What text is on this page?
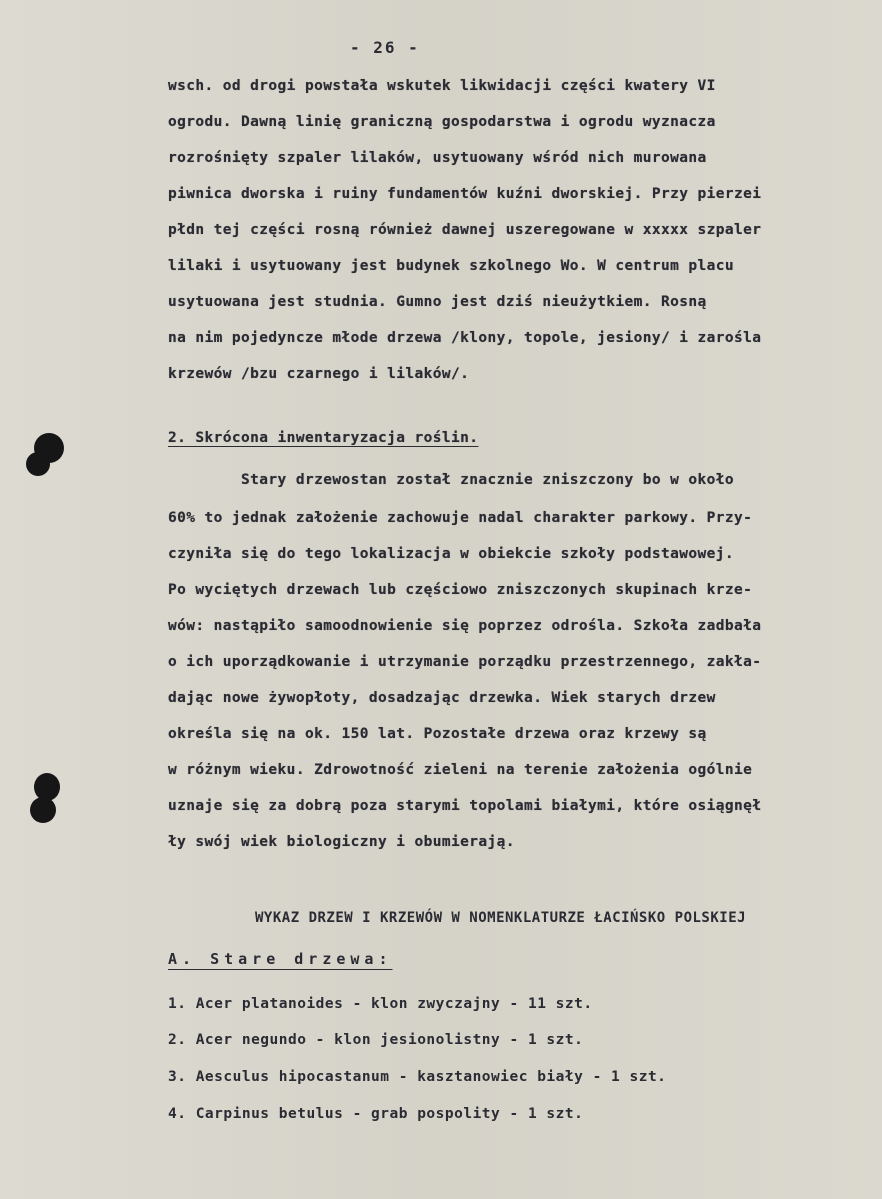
- 26 -
wsch. od drogi powstała wskutek likwidacji części kwatery VI
ogrodu. Dawną linię graniczną gospodarstwa i ogrodu wyznacza
rozrośnięty szpaler lilaków, usytuowany wśród nich murowana
piwnica dworska i ruiny fundamentów kuźni dworskiej. Przy pierzei
płdn tej części rosną również dawnej uszeregowane w xxxxx szpaler
lilaki i usytuowany jest budynek szkolnego Wo. W centrum placu
usytuowana jest studnia. Gumno jest dziś nieużytkiem. Rosną
na nim pojedyncze młode drzewa /klony, topole, jesiony/ i zarośla
krzewów /bzu czarnego i lilaków/.
2. Skrócona inwentaryzacja roślin.
Stary drzewostan został znacznie zniszczony bo w około
60% to jednak założenie zachowuje nadal charakter parkowy. Przy-
czyniła się do tego lokalizacja w obiekcie szkoły podstawowej.
Po wyciętych drzewach lub częściowo zniszczonych skupinach krze-
wów: nastąpiło samoodnowienie się poprzez odrośla. Szkoła zadbała
o ich uporządkowanie i utrzymanie porządku przestrzennego, zakła-
dając nowe żywopłoty, dosadzając drzewka. Wiek starych drzew
określa się na ok. 150 lat. Pozostałe drzewa oraz krzewy są
w różnym wieku. Zdrowotność zieleni na terenie założenia ogólnie
uznaje się za dobrą poza starymi topolami białymi, które osiągnęł
ły swój wiek biologiczny i obumierają.
WYKAZ DRZEW I KRZEWÓW W NOMENKLATURZE ŁACIŃSKO POLSKIEJ
A. Stare drzewa:
1. Acer platanoides - klon zwyczajny - 11 szt.
2. Acer negundo - klon jesionolistny - 1 szt.
3. Aesculus hipocastanum - kasztanowiec biały - 1 szt.
4. Carpinus betulus - grab pospolity - 1 szt.
